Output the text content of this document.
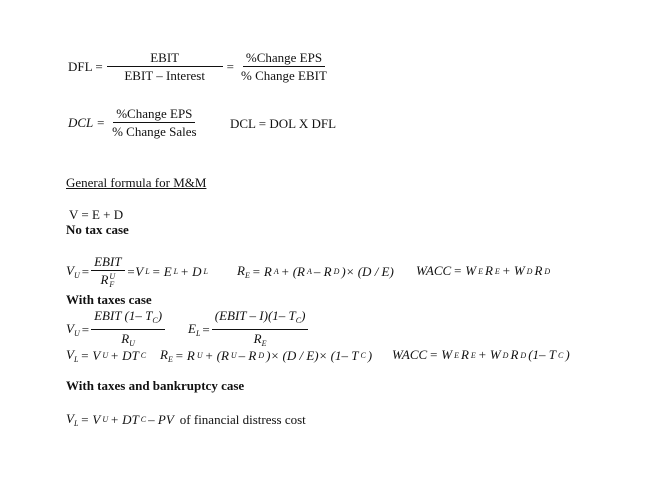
DFL = $\frac{\text{EBIT}}{\text{EBIT – Interest}} = \frac{\text{\%Change EPS}}{\text{\% Change EBIT}}$
DCL = $\frac{\text{\%Change EPS}}{\text{\% Change Sales}}$ DCL = DOL X DFL
General formula for M&M
V = E + D
No tax case
$V_U$ = EBIT
R U
F =V L = E L + D L $R_E = R$ A + (R A – R D )× (D / E) WACC = W E R E + W D R D
With taxes case
$V_U = \frac{EBIT (1- T_C)}{R_U} E_L = \frac{(EBIT - I)(1- T_C)}{R_E}$
$V_L = V$ U + DT C $R_E = R$ U + (R U – R D )× (D / E)× (1– T C ) WACC = W E R E + W D R D (1– T C )
With taxes and bankruptcy case
$V_L = V$ U + DT C – PV of financial distress cost
